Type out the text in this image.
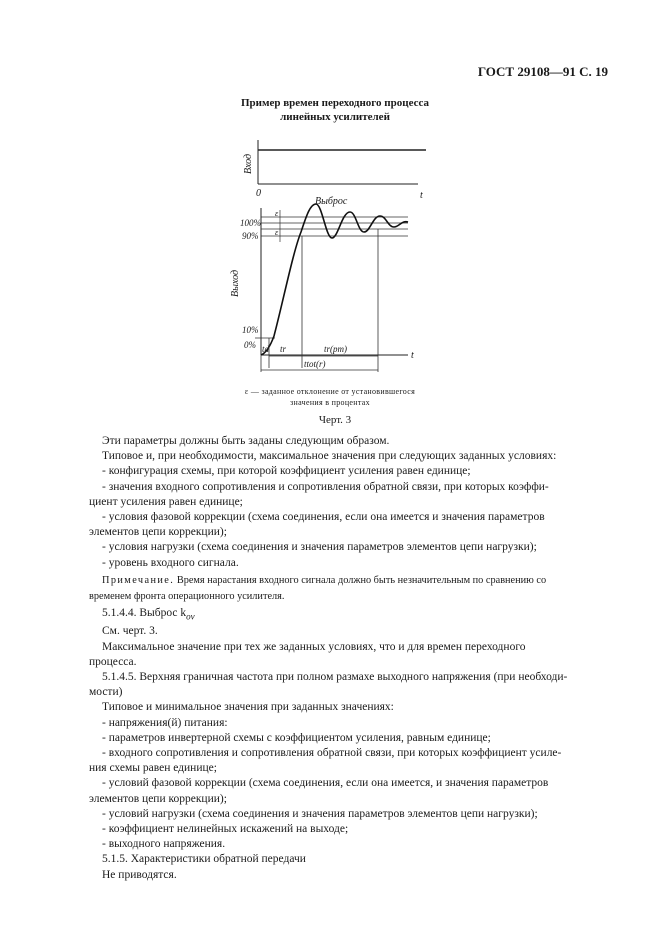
ГОСТ 29108—91 С. 19
Пример времен переходного процесса
линейных усилителей
Вход
0	t
Выход
t
100%
90%
10%
0%
ε
ε
Выброс
td tr	tr(pm)
ttot(r)
ε — заданное отклонение от установившегося
значения в процентах
Черт. 3

Эти параметры должны быть заданы следующим образом.

Типовое и, при необходимости, максимальное значения при следующих заданных условиях:

- конфигурация схемы, при которой коэффициент усиления равен единице;

- значения входного сопротивления и сопротивления обратной связи, при которых коэффи-

циент усиления равен единице;

- условия фазовой коррекции (схема соединения, если она имеется и значения параметров

элементов цепи коррекции);

- условия нагрузки (схема соединения и значения параметров элементов цепи нагрузки);

- уровень входного сигнала.

Примечание. Время нарастания входного сигнала должно быть незначительным по сравнению со

временем фронта операционного усилителя.

5.1.4.4. Выброс $k_{ov}$

См. черт. 3.

Максимальное значение при тех же заданных условиях, что и для времен переходного

процесса.

5.1.4.5. Верхняя граничная частота при полном размахе выходного напряжения (при необходи-

мости)

Типовое и минимальное значения при заданных значениях:

- напряжения(й) питания:

- параметров инвертерной схемы с коэффициентом усиления, равным единице;

- входного сопротивления и сопротивления обратной связи, при которых коэффициент усиле-

ния схемы равен единице;

- условий фазовой коррекции (схема соединения, если она имеется, и значения параметров

элементов цепи коррекции);

- условий нагрузки (схема соединения и значения параметров элементов цепи нагрузки);

- коэффициент нелинейных искажений на выходе;

- выходного напряжения.

5.1.5. Характеристики обратной передачи

Не приводятся.
